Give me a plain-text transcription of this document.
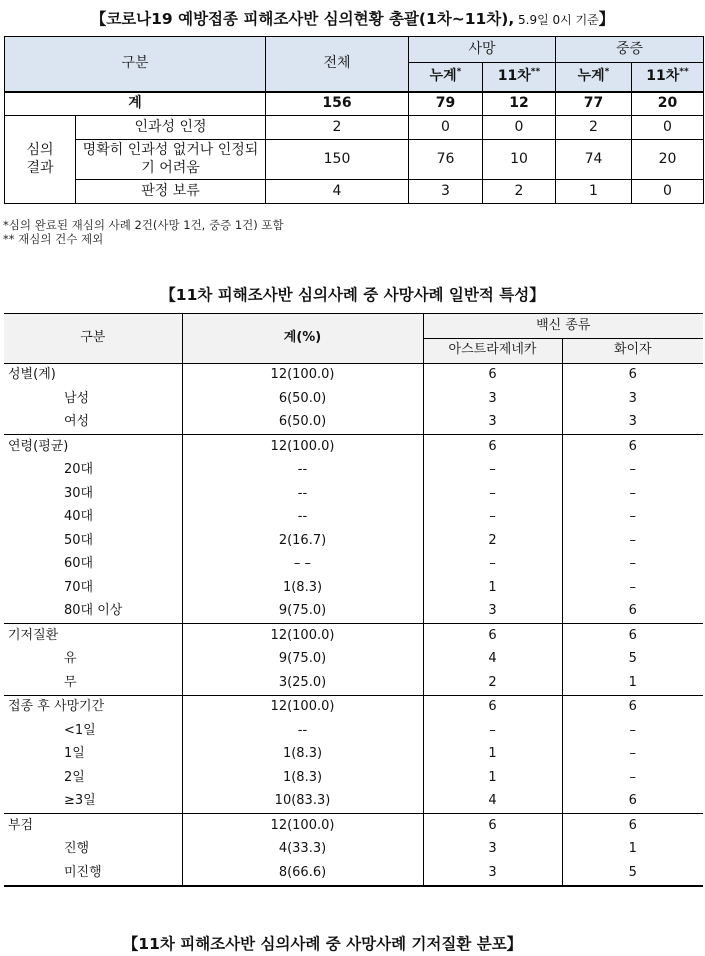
【코로나19 예방접종 피해조사반 심의현황 총괄(1차~11차), 5.9일 0시 기준】
구분		전체	사망		중증	
			누계*	11차**	누계*	11차**
계		156	79	12	77	20
심의
결과	인과성 인정	2	0	0	2	0
	명확히 인과성 없거나 인정되기 어려움	150	76	10	74	20
	판정 보류	4	3	2	1	0
*심의 완료된 재심의 사례 2건(사망 1건, 중증 1건) 포함
** 재심의 건수 제외
【11차 피해조사반 심의사례 중 사망사례 일반적 특성】
구분		계(%)	백신 종류	
			아스트라제네카	화이자
성별(계)		12(100.0)	6	6
	남성	6(50.0)	3	3
	여성	6(50.0)	3	3
연령(평균)		12(100.0)	6	6
	20대	--	–	–
	30대	--	–	–
	40대	--	–	–
	50대	2(16.7)	2	–
	60대	– –	–	–
	70대	1(8.3)	1	–
	80대 이상	9(75.0)	3	6
기저질환		12(100.0)	6	6
	유	9(75.0)	4	5
	무	3(25.0)	2	1
접종 후 사망기간		12(100.0)	6	6
	<1일	--	–	–
	1일	1(8.3)	1	–
	2일	1(8.3)	1	–
	≥3일	10(83.3)	4	6
부검		12(100.0)	6	6
	진행	4(33.3)	3	1
	미진행	8(66.6)	3	5
【11차 피해조사반 심의사례 중 사망사례 기저질환 분포】
